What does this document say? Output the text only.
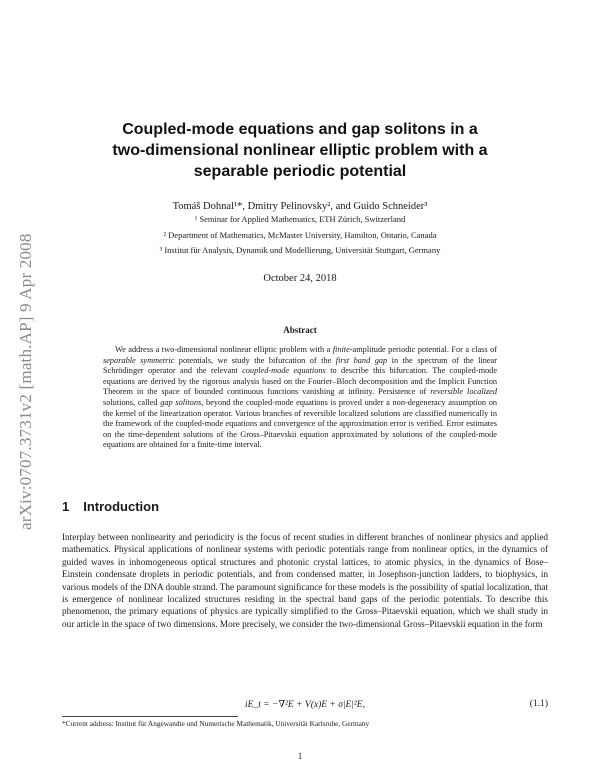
arXiv:0707.3731v2 [math.AP] 9 Apr 2008
Coupled-mode equations and gap solitons in a
two-dimensional nonlinear elliptic problem with a
separable periodic potential
Tomáš Dohnal¹*, Dmitry Pelinovsky², and Guido Schneider³
¹ Seminar for Applied Mathematics, ETH Zürich, Switzerland
² Department of Mathematics, McMaster University, Hamilton, Ontario, Canada
³ Institut für Analysis, Dynamik und Modellierung, Universität Stuttgart, Germany
October 24, 2018
Abstract
We address a two-dimensional nonlinear elliptic problem with a finite-amplitude periodic potential. For a class of separable symmetric potentials, we study the bifurcation of the first band gap in the spectrum of the linear Schrödinger operator and the relevant coupled-mode equations to describe this bifurcation. The coupled-mode equations are derived by the rigorous analysis based on the Fourier–Bloch decomposition and the Implicit Function Theorem in the space of bounded continuous functions vanishing at infinity. Persistence of reversible localized solutions, called gap solitons, beyond the coupled-mode equations is proved under a non-degeneracy assumption on the kernel of the linearization operator. Various branches of reversible localized solutions are classified numerically in the framework of the coupled-mode equations and convergence of the approximation error is verified. Error estimates on the time-dependent solutions of the Gross–Pitaevskii equation approximated by solutions of the coupled-mode equations are obtained for a finite-time interval.
1 Introduction
Interplay between nonlinearity and periodicity is the focus of recent studies in different branches of nonlinear physics and applied mathematics. Physical applications of nonlinear systems with periodic potentials range from nonlinear optics, in the dynamics of guided waves in inhomogeneous optical structures and photonic crystal lattices, to atomic physics, in the dynamics of Bose–Einstein condensate droplets in periodic potentials, and from condensed matter, in Josephson-junction ladders, to biophysics, in various models of the DNA double strand. The paramount significance for these models is the possibility of spatial localization, that is emergence of nonlinear localized structures residing in the spectral band gaps of the periodic potentials. To describe this phenomenon, the primary equations of physics are typically simplified to the Gross–Pitaevskii equation, which we shall study in our article in the space of two dimensions. More precisely, we consider the two-dimensional Gross–Pitaevskii equation in the form
iE_t = −∇²E + V(x)E + σ|E|²E,	(1.1)
*Current address: Institut für Angewandte und Numerische Mathematik, Universität Karlsruhe, Germany
1
